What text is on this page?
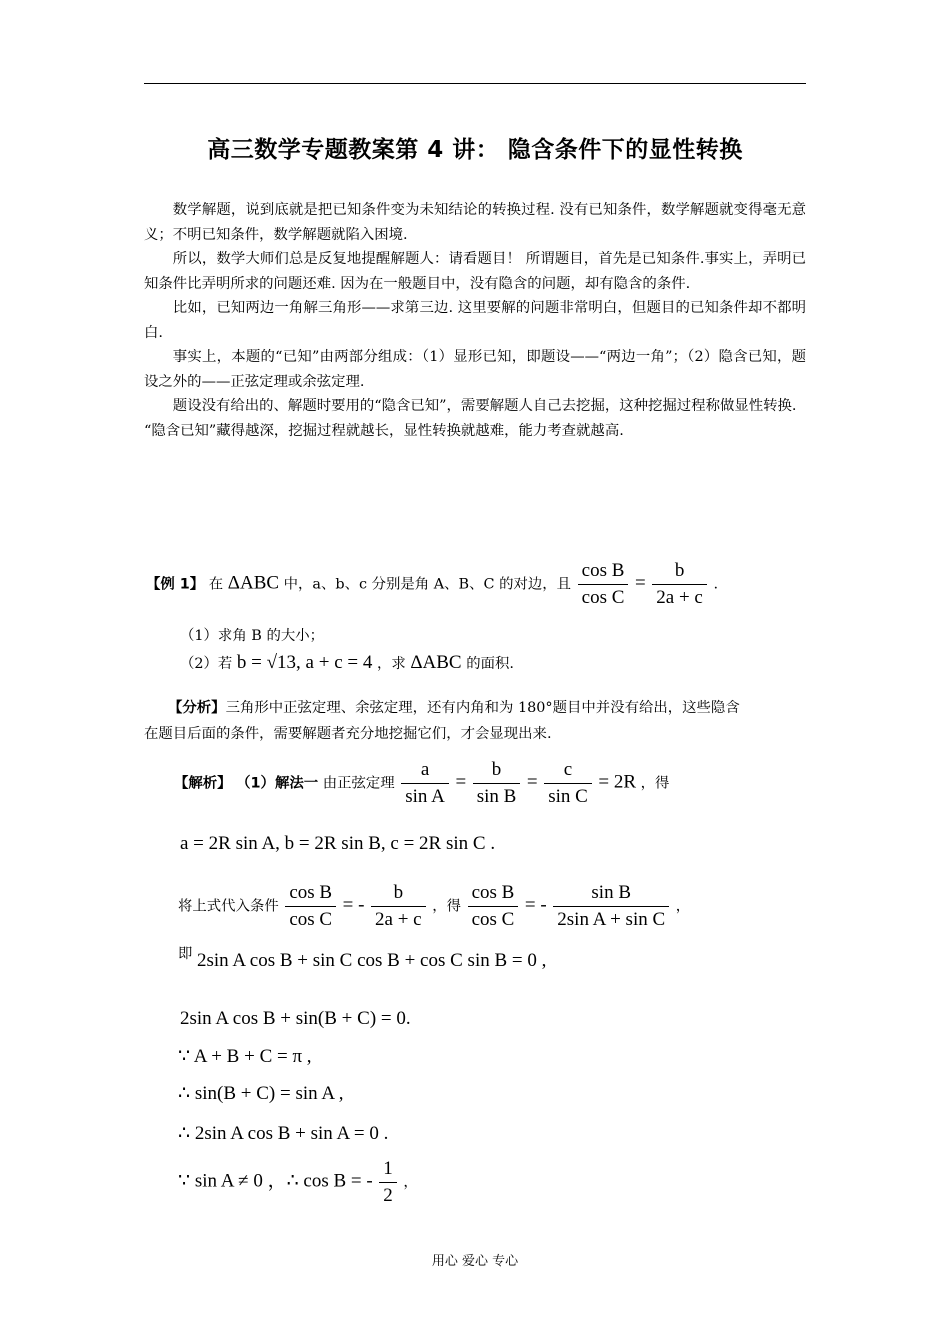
高三数学专题教案第 4 讲： 隐含条件下的显性转换

数学解题，说到底就是把已知条件变为未知结论的转换过程. 没有已知条件，数学解题就变得毫无意义；不明已知条件，数学解题就陷入困境.

所以，数学大师们总是反复地提醒解题人：请看题目！ 所谓题目，首先是已知条件.事实上，弄明已知条件比弄明所求的问题还难. 因为在一般题目中，没有隐含的问题，却有隐含的条件.

比如，已知两边一角解三角形——求第三边. 这里要解的问题非常明白，但题目的已知条件却不都明白.

事实上，本题的“已知”由两部分组成：（1）显形已知，即题设——“两边一角”；（2）隐含已知，题设之外的——正弦定理或余弦定理.

题设没有给出的、解题时要用的“隐含已知”，需要解题人自己去挖掘，这种挖掘过程称做显性转换.

“隐含已知”藏得越深，挖掘过程就越长，显性转换就越难，能力考查就越高.

【例 1】 在 ΔABC 中，a、b、c 分别是角 A、B、C 的对边，且 $\frac{\text{cos B}}{\text{cos C}} = \frac{b}{2a + c}$ .
（1）求角 B 的大小；
（2）若 b = √13, a + c = 4 ，求 ΔABC 的面积.
【分析】三角形中正弦定理、余弦定理，还有内角和为 180°题目中并没有给出，这些隐含
在题目后面的条件，需要解题者充分地挖掘它们，才会显现出来.
【解析】 （1）解法一 由正弦定理 $\frac{a}{\text{sin A}} = \frac{b}{\text{sin B}} = \frac{c}{\text{sin C}} = 2R$ ，得
a = 2R sin A, b = 2R sin B, c = 2R sin C .
将上式代入条件 $\frac{\text{cos B}}{\text{cos C}}$ = - $\frac{b}{2a + c}$ ，得 $\frac{\text{cos B}}{\text{cos C}}$ = - $\frac{\text{sin B}}{\text{2sin A + sin C}}$ ，
即 2sin A cos B + sin C cos B + cos C sin B = 0 ,
2sin A cos B + sin(B + C) = 0.
∵ A + B + C = π ,
∴ sin(B + C) = sin A ,
∴ 2sin A cos B + sin A = 0 .
∵ sin A ≠ 0 ，∴ cos B = - $\frac{1}{2}$ ，
用心 爱心 专心
